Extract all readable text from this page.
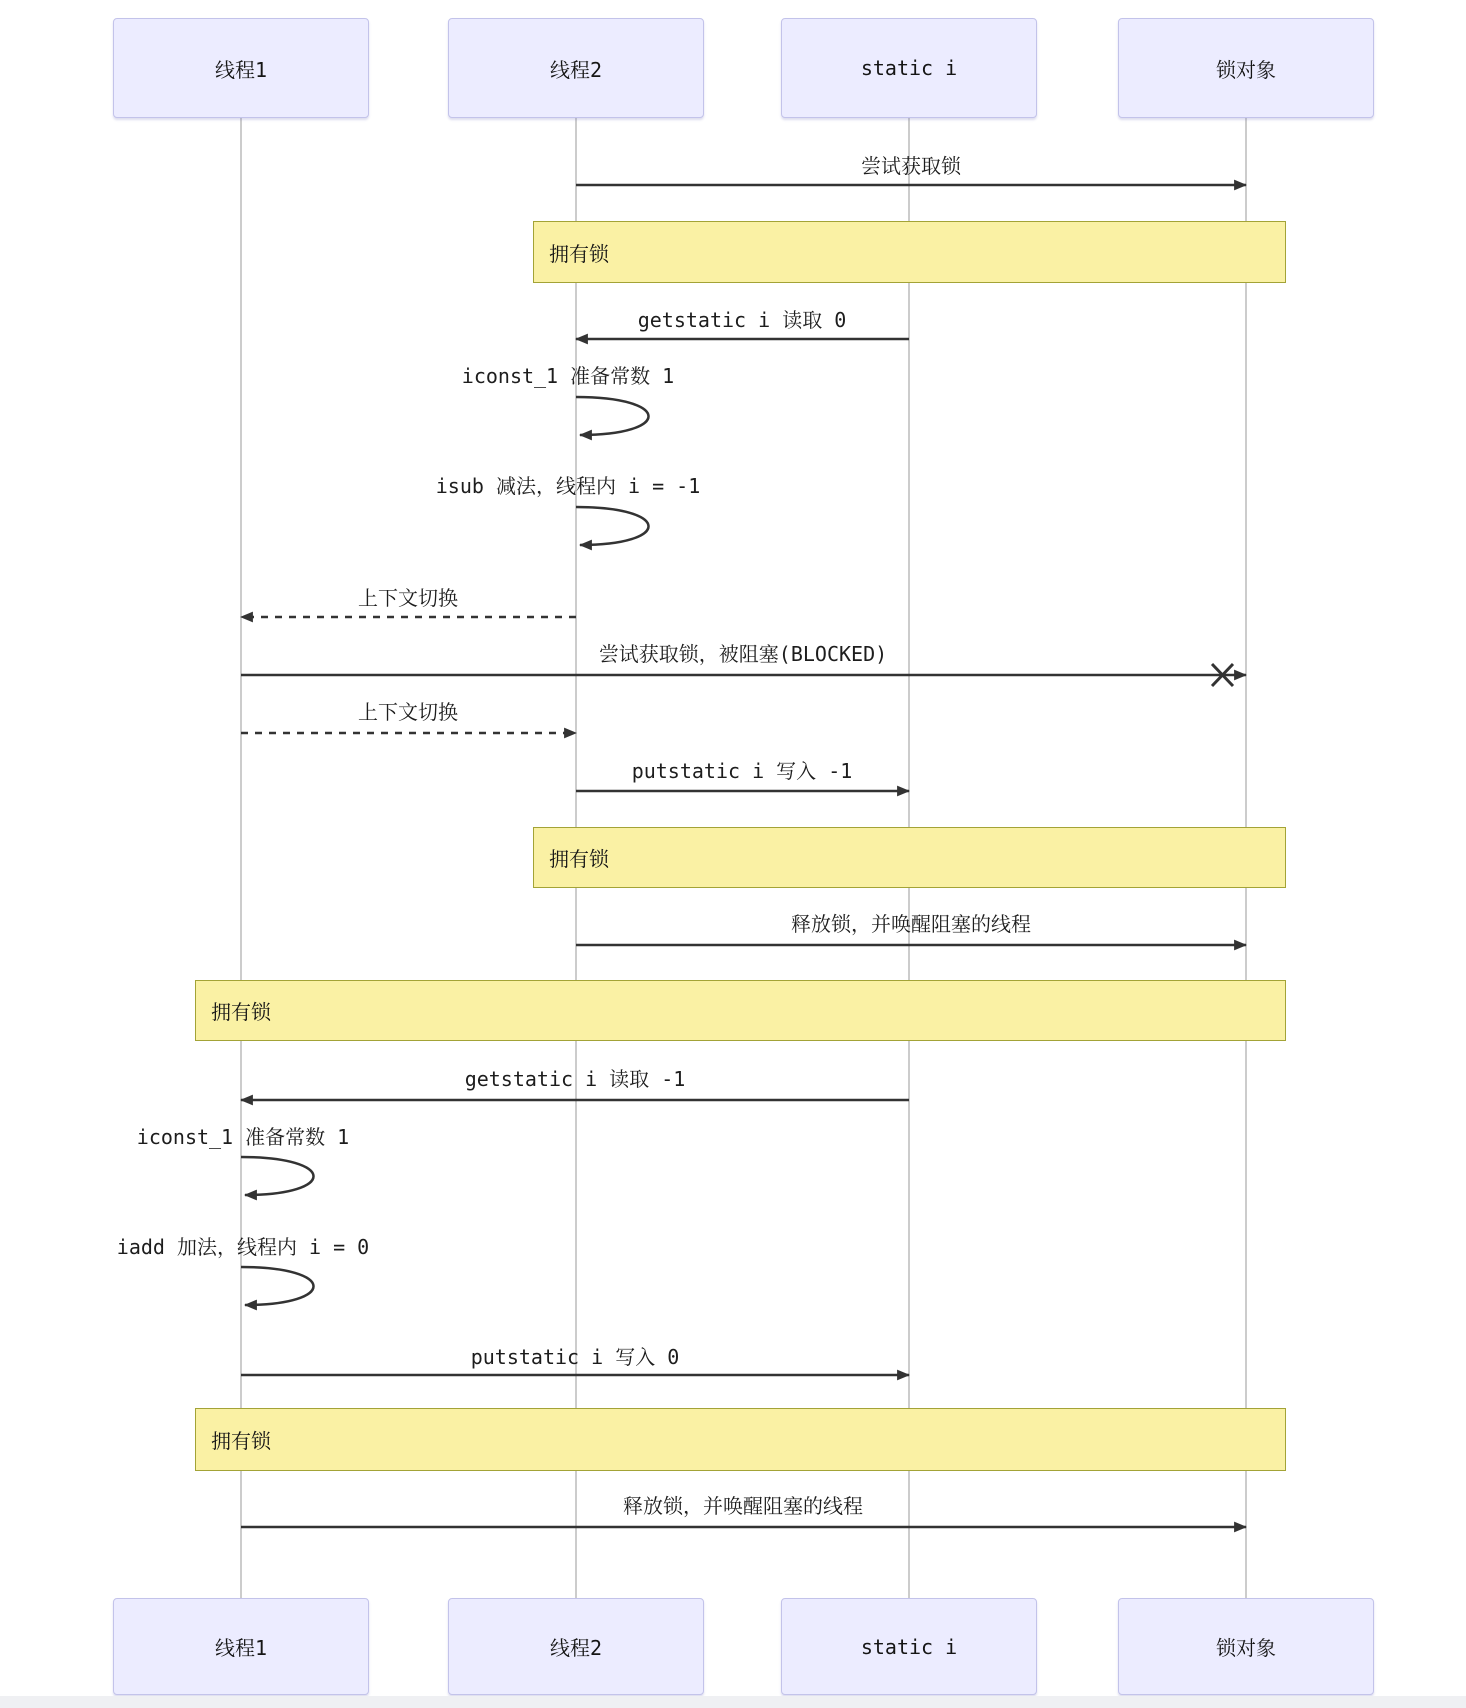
线程1	线程2	static i	锁对象
拥有锁
拥有锁
拥有锁
拥有锁
尝试获取锁
getstatic i 读取 0
iconst_1 准备常数 1
isub 减法，线程内 i = -1
上下文切换
尝试获取锁，被阻塞(BLOCKED)
上下文切换
putstatic i 写入 -1
释放锁，并唤醒阻塞的线程
getstatic i 读取 -1
iconst_1 准备常数 1
iadd 加法，线程内 i = 0
putstatic i 写入 0
释放锁，并唤醒阻塞的线程
线程1	线程2	static i	锁对象
